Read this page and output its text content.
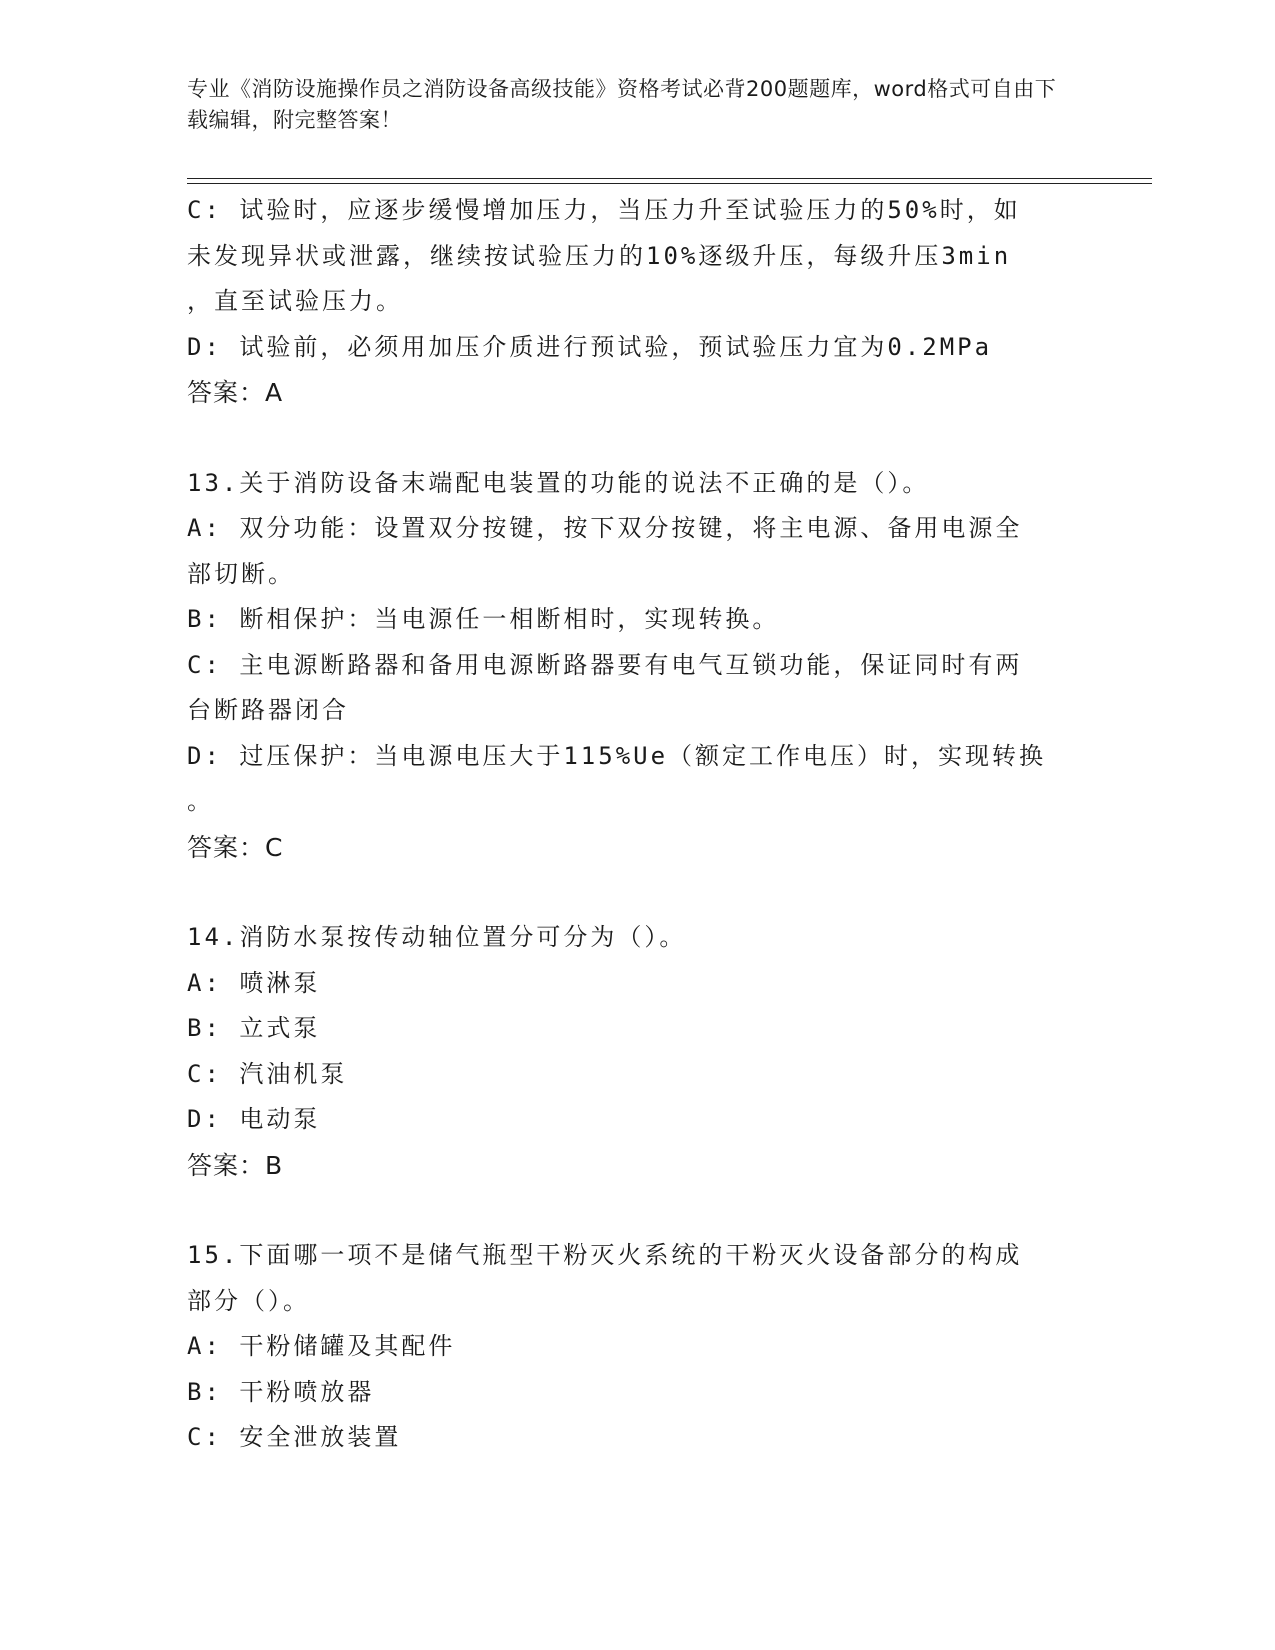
专业《消防设施操作员之消防设备高级技能》资格考试必背200题题库，word格式可自由下载编辑，附完整答案！
C: 试验时，应逐步缓慢增加压力，当压力升至试验压力的50%时，如
未发现异状或泄露，继续按试验压力的10%逐级升压，每级升压3min
，直至试验压力。
D: 试验前，必须用加压介质进行预试验，预试验压力宜为0.2MPa
答案：A
13.关于消防设备末端配电装置的功能的说法不正确的是（）。
A: 双分功能：设置双分按键，按下双分按键，将主电源、备用电源全
部切断。
B: 断相保护：当电源任一相断相时，实现转换。
C: 主电源断路器和备用电源断路器要有电气互锁功能，保证同时有两
台断路器闭合
D: 过压保护：当电源电压大于115%Ue（额定工作电压）时，实现转换
。
答案：C
14.消防水泵按传动轴位置分可分为（）。
A: 喷淋泵
B: 立式泵
C: 汽油机泵
D: 电动泵
答案：B
15.下面哪一项不是储气瓶型干粉灭火系统的干粉灭火设备部分的构成
部分（）。
A: 干粉储罐及其配件
B: 干粉喷放器
C: 安全泄放装置
